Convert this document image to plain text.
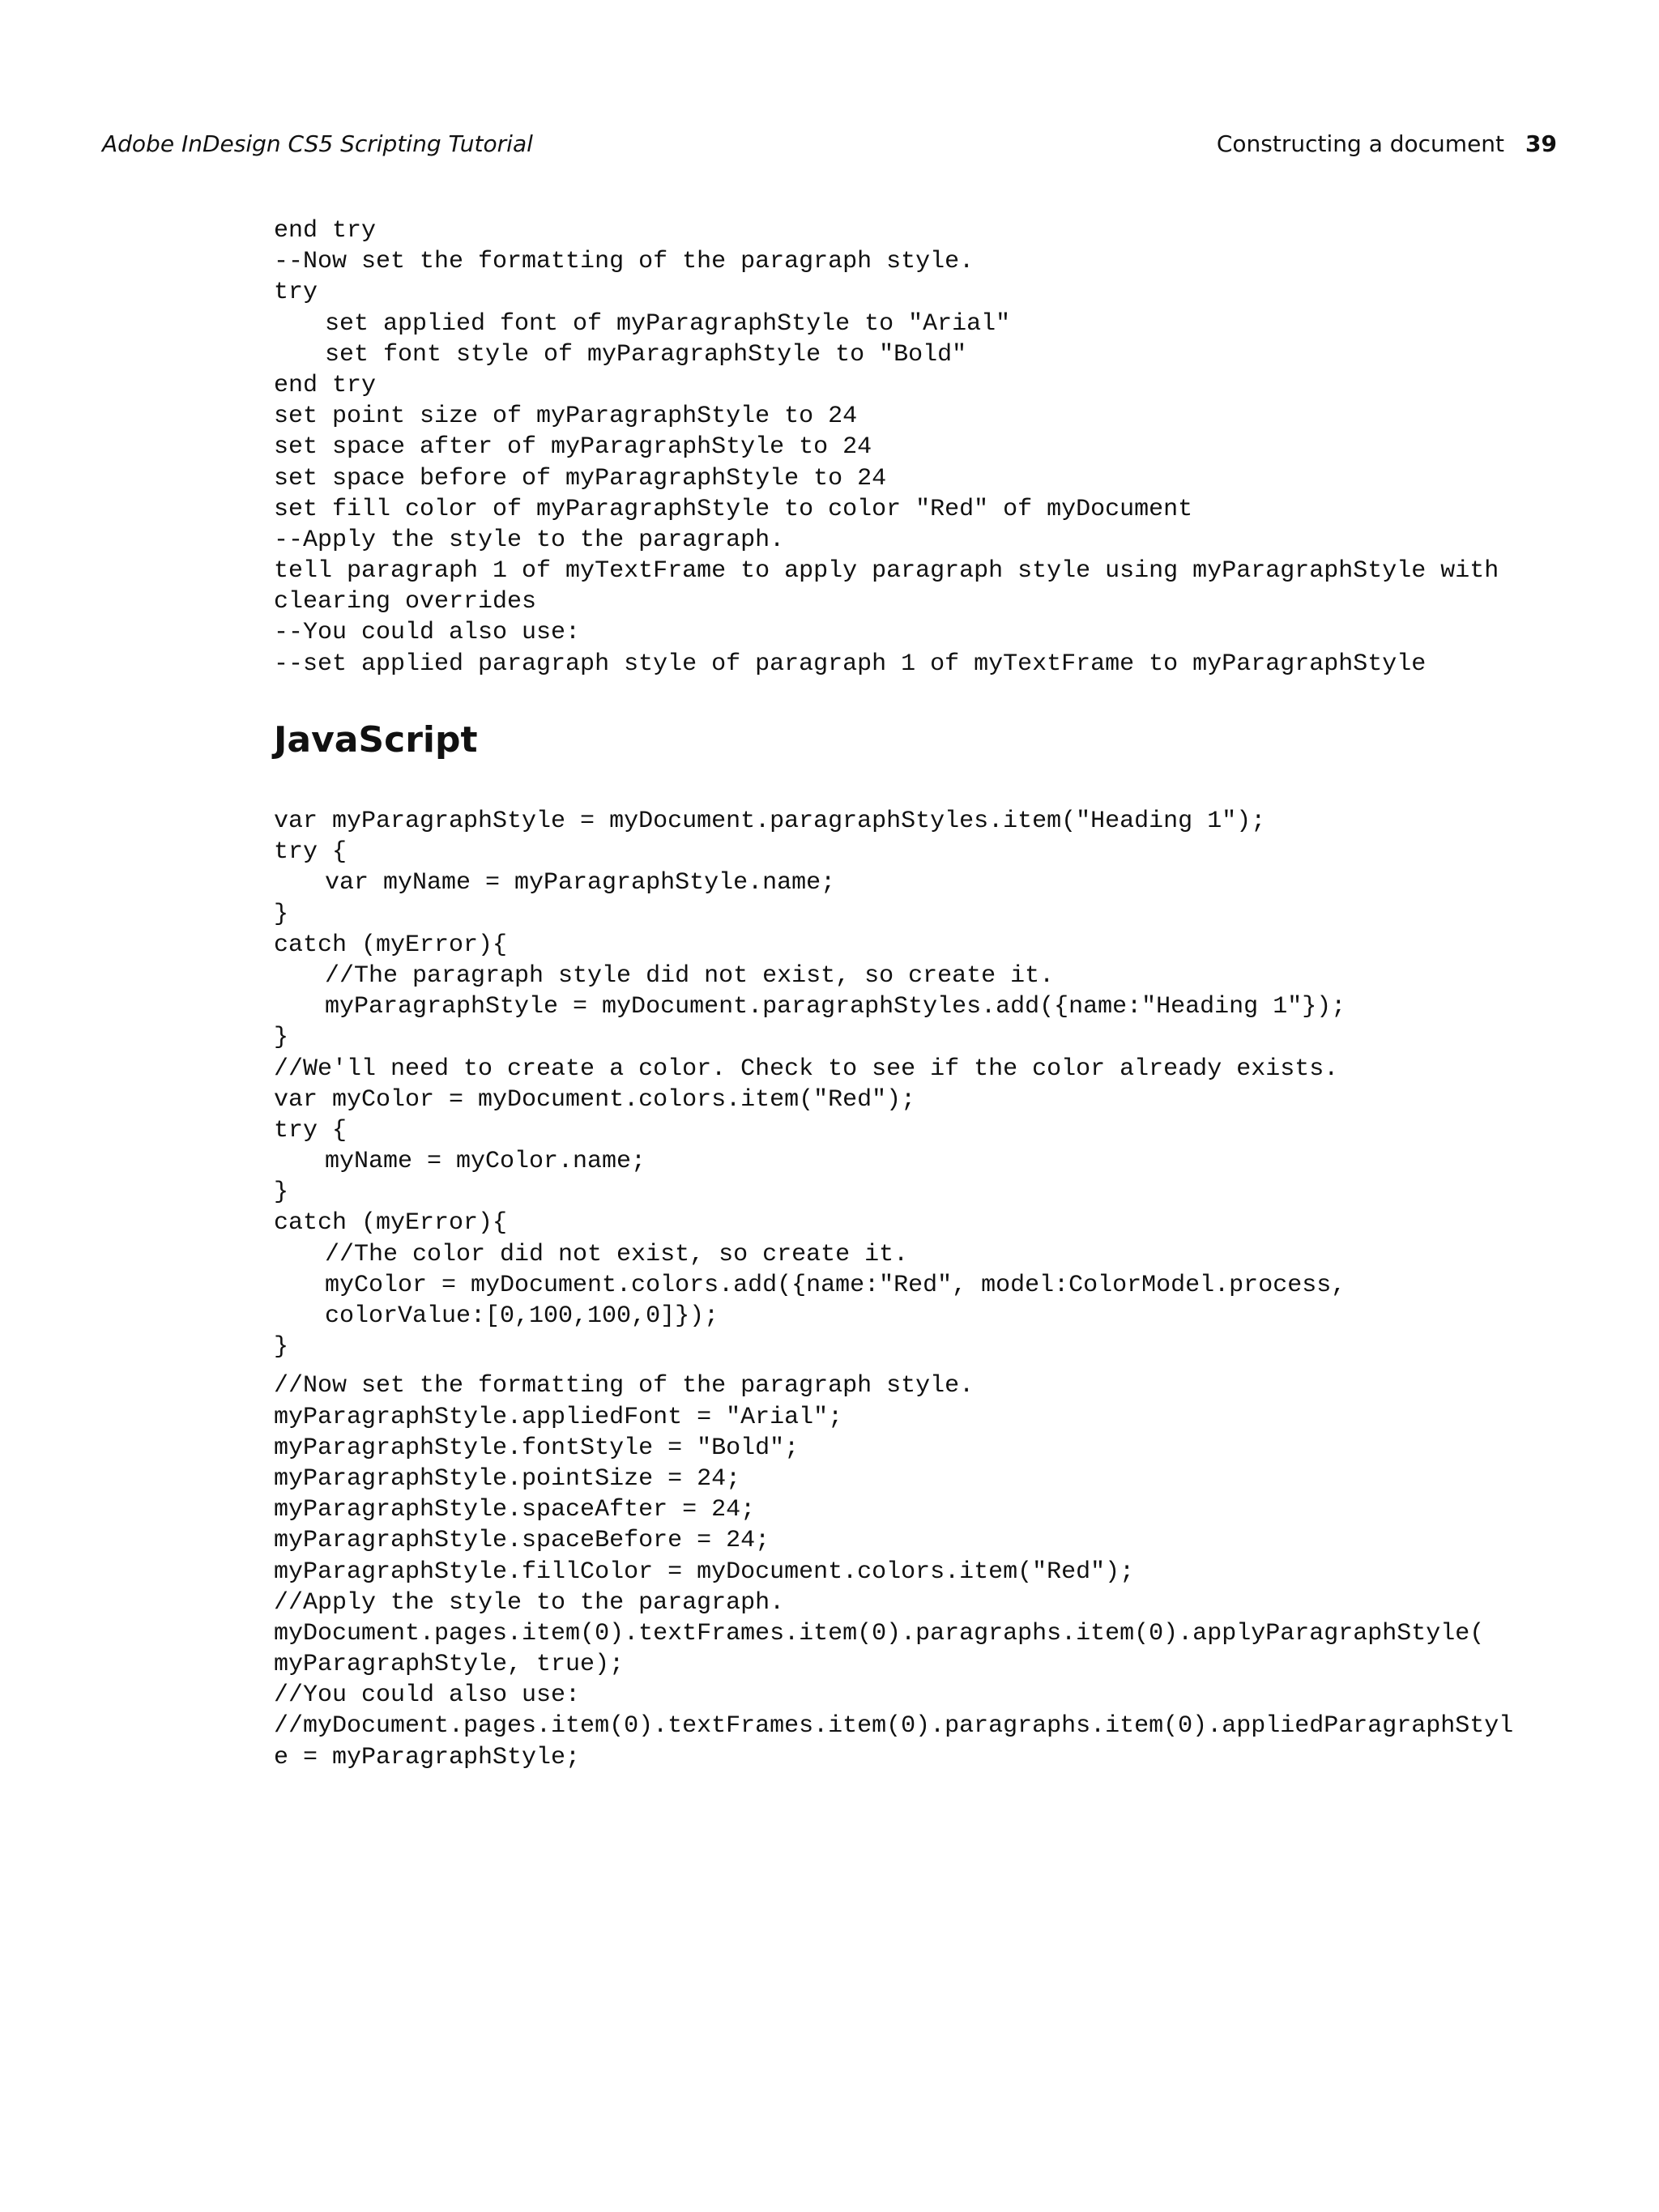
Adobe InDesign CS5 Scripting Tutorial	Constructing a document 39
end try
--Now set the formatting of the paragraph style.
try
set applied font of myParagraphStyle to "Arial"
set font style of myParagraphStyle to "Bold"
end try
set point size of myParagraphStyle to 24
set space after of myParagraphStyle to 24
set space before of myParagraphStyle to 24
set fill color of myParagraphStyle to color "Red" of myDocument
--Apply the style to the paragraph.
tell paragraph 1 of myTextFrame to apply paragraph style using myParagraphStyle with
clearing overrides
--You could also use:
--set applied paragraph style of paragraph 1 of myTextFrame to myParagraphStyle
JavaScript
var myParagraphStyle = myDocument.paragraphStyles.item("Heading 1");
try {
var myName = myParagraphStyle.name;
}
catch (myError){
//The paragraph style did not exist, so create it.
myParagraphStyle = myDocument.paragraphStyles.add({name:"Heading 1"});
}
//We'll need to create a color. Check to see if the color already exists.
var myColor = myDocument.colors.item("Red");
try {
myName = myColor.name;
}
catch (myError){
//The color did not exist, so create it.
myColor = myDocument.colors.add({name:"Red", model:ColorModel.process,
colorValue:[0,100,100,0]});
}
//Now set the formatting of the paragraph style.
myParagraphStyle.appliedFont = "Arial";
myParagraphStyle.fontStyle = "Bold";
myParagraphStyle.pointSize = 24;
myParagraphStyle.spaceAfter = 24;
myParagraphStyle.spaceBefore = 24;
myParagraphStyle.fillColor = myDocument.colors.item("Red");
//Apply the style to the paragraph.
myDocument.pages.item(0).textFrames.item(0).paragraphs.item(0).applyParagraphStyle(
myParagraphStyle, true);
//You could also use:
//myDocument.pages.item(0).textFrames.item(0).paragraphs.item(0).appliedParagraphStyl
e = myParagraphStyle;
